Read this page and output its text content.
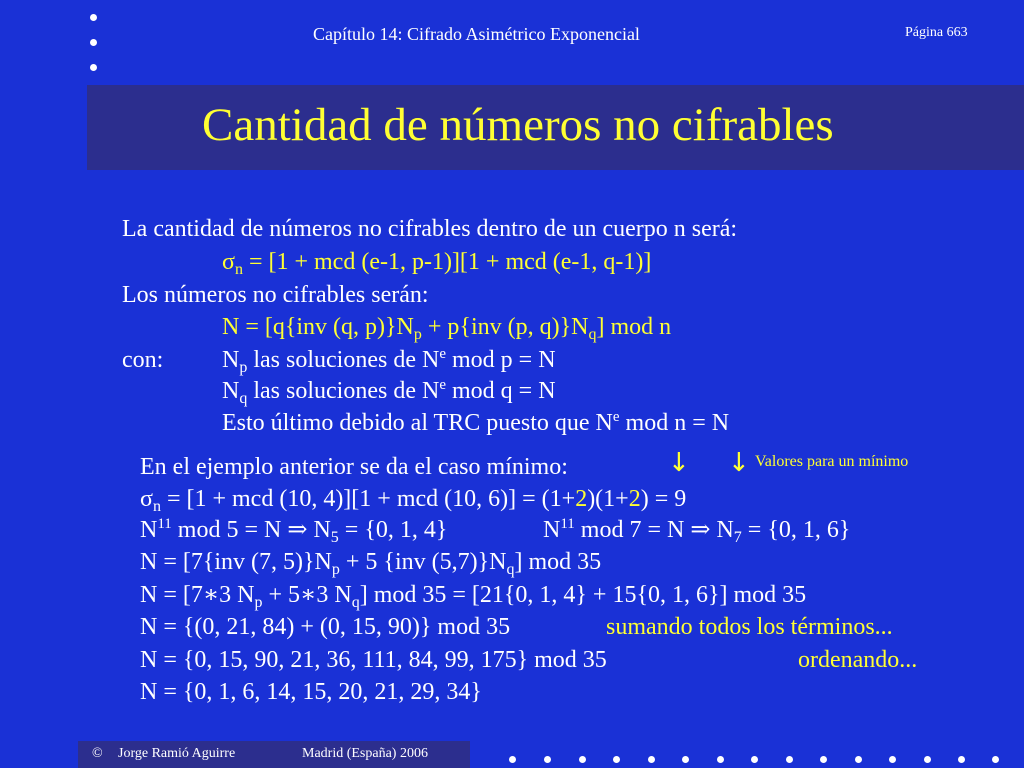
Capítulo 14: Cifrado Asimétrico Exponencial	Página 663
Cantidad de números no cifrables
La cantidad de números no cifrables dentro de un cuerpo n será:
$\sigma_n = [1$ + mcd (e-1, p-1)][1 + mcd (e-1, q-1)]
Los números no cifrables serán:
N = [q{inv (q, $p)\}N_p + p\{inv$ (p, $q)\}N_q$] mod n
con: $N_p$ las soluciones de $N^e$ mod p = N
$N_q$ las soluciones de $N^e$ mod q = N
Esto último debido al TRC puesto que $N^e$ mod n = N
En el ejemplo anterior se da el caso mínimo:	↓ ↓ Valores para un mínimo
$\sigma_n = [1$ + mcd (10, 4)][1 + mcd (10, 6)] = (1+2)(1+2) = 9
$N^{11}$ mod 5 = N ⇒ $N_5 = \{0$, 1, 4}	$N^{11}$ mod 7 = N ⇒ $N_7 = \{0$, 1, 6}
N = [7{inv (7, $5)\}N_p + 5$ {inv $(5,7)\}N_q$] mod 35
N = [7∗3 $N_p$ + 5∗3 $N_q$] mod 35 = [21{0, 1, 4} + 15{0, 1, 6}] mod 35
N = {(0, 21, 84) + (0, 15, 90)} mod 35	sumando todos los términos...
N = {0, 15, 90, 21, 36, 111, 84, 99, 175} mod 35	ordenando...
N = {0, 1, 6, 14, 15, 20, 21, 29, 34}
© Jorge Ramió Aguirre	Madrid (España) 2006
